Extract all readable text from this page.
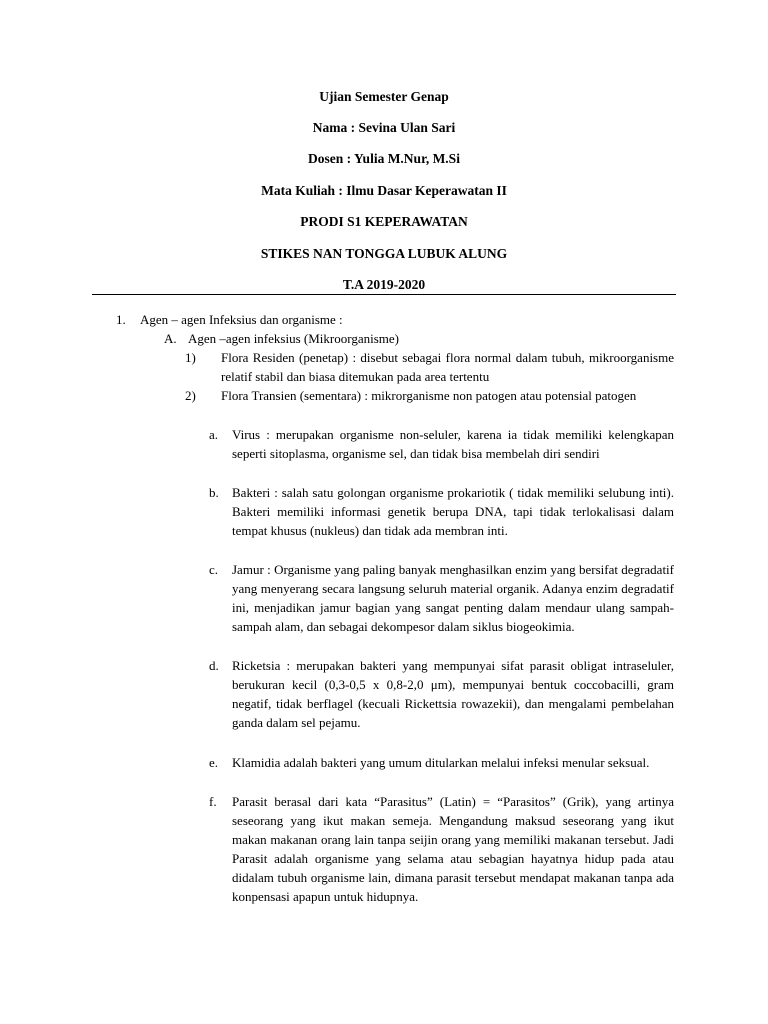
Ujian Semester Genap
Nama : Sevina Ulan Sari
Dosen : Yulia M.Nur, M.Si
Mata Kuliah : Ilmu Dasar Keperawatan II
PRODI S1 KEPERAWATAN
STIKES NAN TONGGA LUBUK ALUNG
T.A 2019-2020
1. Agen – agen Infeksius dan organisme :
A. Agen –agen infeksius (Mikroorganisme)
1) Flora Residen (penetap) : disebut sebagai flora normal dalam tubuh, mikroorganisme relatif stabil dan biasa ditemukan pada area tertentu
2) Flora Transien (sementara) : mikrorganisme non patogen atau potensial patogen
a. Virus : merupakan organisme non-seluler, karena ia tidak memiliki kelengkapan seperti sitoplasma, organisme sel, dan tidak bisa membelah diri sendiri
b. Bakteri : salah satu golongan organisme prokariotik ( tidak memiliki selubung inti). Bakteri memiliki informasi genetik berupa DNA, tapi tidak terlokalisasi dalam tempat khusus (nukleus) dan tidak ada membran inti.
c. Jamur : Organisme yang paling banyak menghasilkan enzim yang bersifat degradatif yang menyerang secara langsung seluruh material organik. Adanya enzim degradatif ini, menjadikan jamur bagian yang sangat penting dalam mendaur ulang sampah-sampah alam, dan sebagai dekompesor dalam siklus biogeokimia.
d. Ricketsia : merupakan bakteri yang mempunyai sifat parasit obligat intraseluler, berukuran kecil (0,3-0,5 x 0,8-2,0 μm), mempunyai bentuk coccobacilli, gram negatif, tidak berflagel (kecuali Rickettsia rowazekii), dan mengalami pembelahan ganda dalam sel pejamu.
e. Klamidia adalah bakteri yang umum ditularkan melalui infeksi menular seksual.
f. Parasit berasal dari kata “Parasitus” (Latin) = “Parasitos” (Grik), yang artinya seseorang yang ikut makan semeja. Mengandung maksud seseorang yang ikut makan makanan orang lain tanpa seijin orang yang memiliki makanan tersebut. Jadi Parasit adalah organisme yang selama atau sebagian hayatnya hidup pada atau didalam tubuh organisme lain, dimana parasit tersebut mendapat makanan tanpa ada konpensasi apapun untuk hidupnya.
